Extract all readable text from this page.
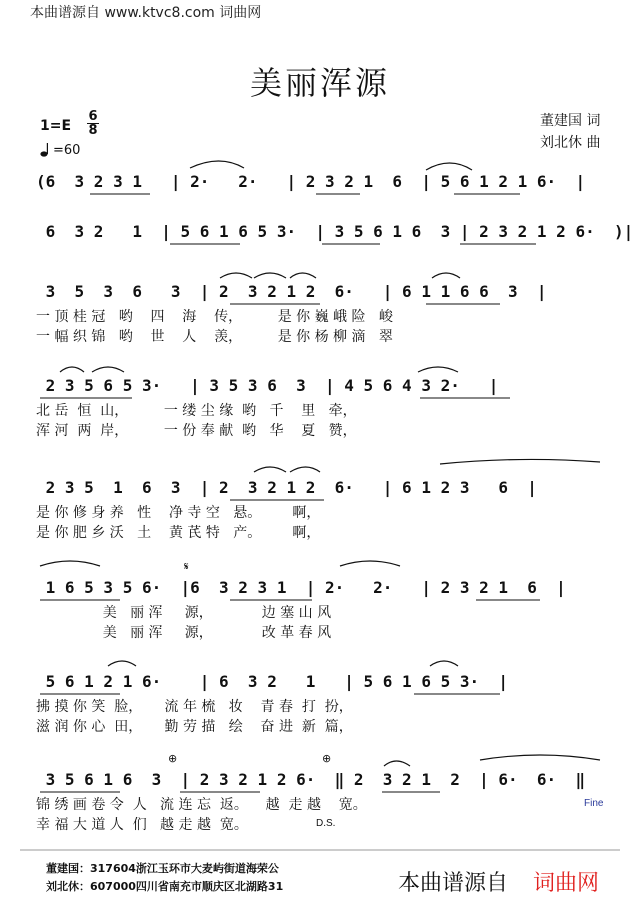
本曲谱源自 www.ktvc8.com 词曲网
美丽浑源
1=E
6
8
=60
董建国 词
刘北休 曲
(6  3 2 3 1   | 2·   2·   | 2 3 2 1  6  | 5 6 1 2 1 6·  |
6  3 2   1  | 5 6 1 6 5 3·  | 3 5 6 1 6  3 | 2 3 2 1 2 6·  )|
3  5  3  6   3  | 2  3 2 1 2  6·   | 6 1 1 6 6  3  |
一 顶 桂 冠   哟    四    海    传，        是 你 巍 峨 险   峻
一 幅 织 锦   哟    世    人    羡，        是 你 杨 柳 滴   翠
2 3 5 6 5 3·   | 3 5 3 6  3  | 4 5 6 4 3 2·   |
北 岳  恒  山，        一 缕 尘 缘  哟   千    里   牵，
浑 河  两  岸，        一 份 奉 献  哟   华    夏   赞，
2 3 5  1  6  3  | 2  3 2 1 2  6·   | 6 1 2 3   6  |
是 你 修 身 养   性    净 寺 空   悬。       啊，
是 你 肥 乡 沃   土    黄 芪 特   产。       啊，
𝄋
1 6 5 3 5 6·  |6  3 2 3 1  | 2·   2·   | 2 3 2 1  6  |
美   丽 浑     源，           边 塞 山 风
美   丽 浑     源，           改 革 春 风
5 6 1 2 1 6·    | 6  3 2   1   | 5 6 1 6 5 3·  |
拂 摸 你 笑  脸，     流 年 梳   妆    青 春  打  扮，
滋 润 你 心  田，     勤 劳 描   绘    奋 进  新  篇，
⊕	⊕
3 5 6 1 6  3  | 2 3 2 1 2 6·  ‖ 2  3 2 1  2  | 6·  6·  ‖
锦 绣 画 卷 令  人   流 连 忘  返。    越  走 越    宽。
幸 福 大 道 人  们   越 走 越  宽。
Fine
D.S.
董建国：317604浙江玉环市大麦屿街道海荣公
刘北休：607000四川省南充市顺庆区北湖路31	本曲谱源自 词曲网
